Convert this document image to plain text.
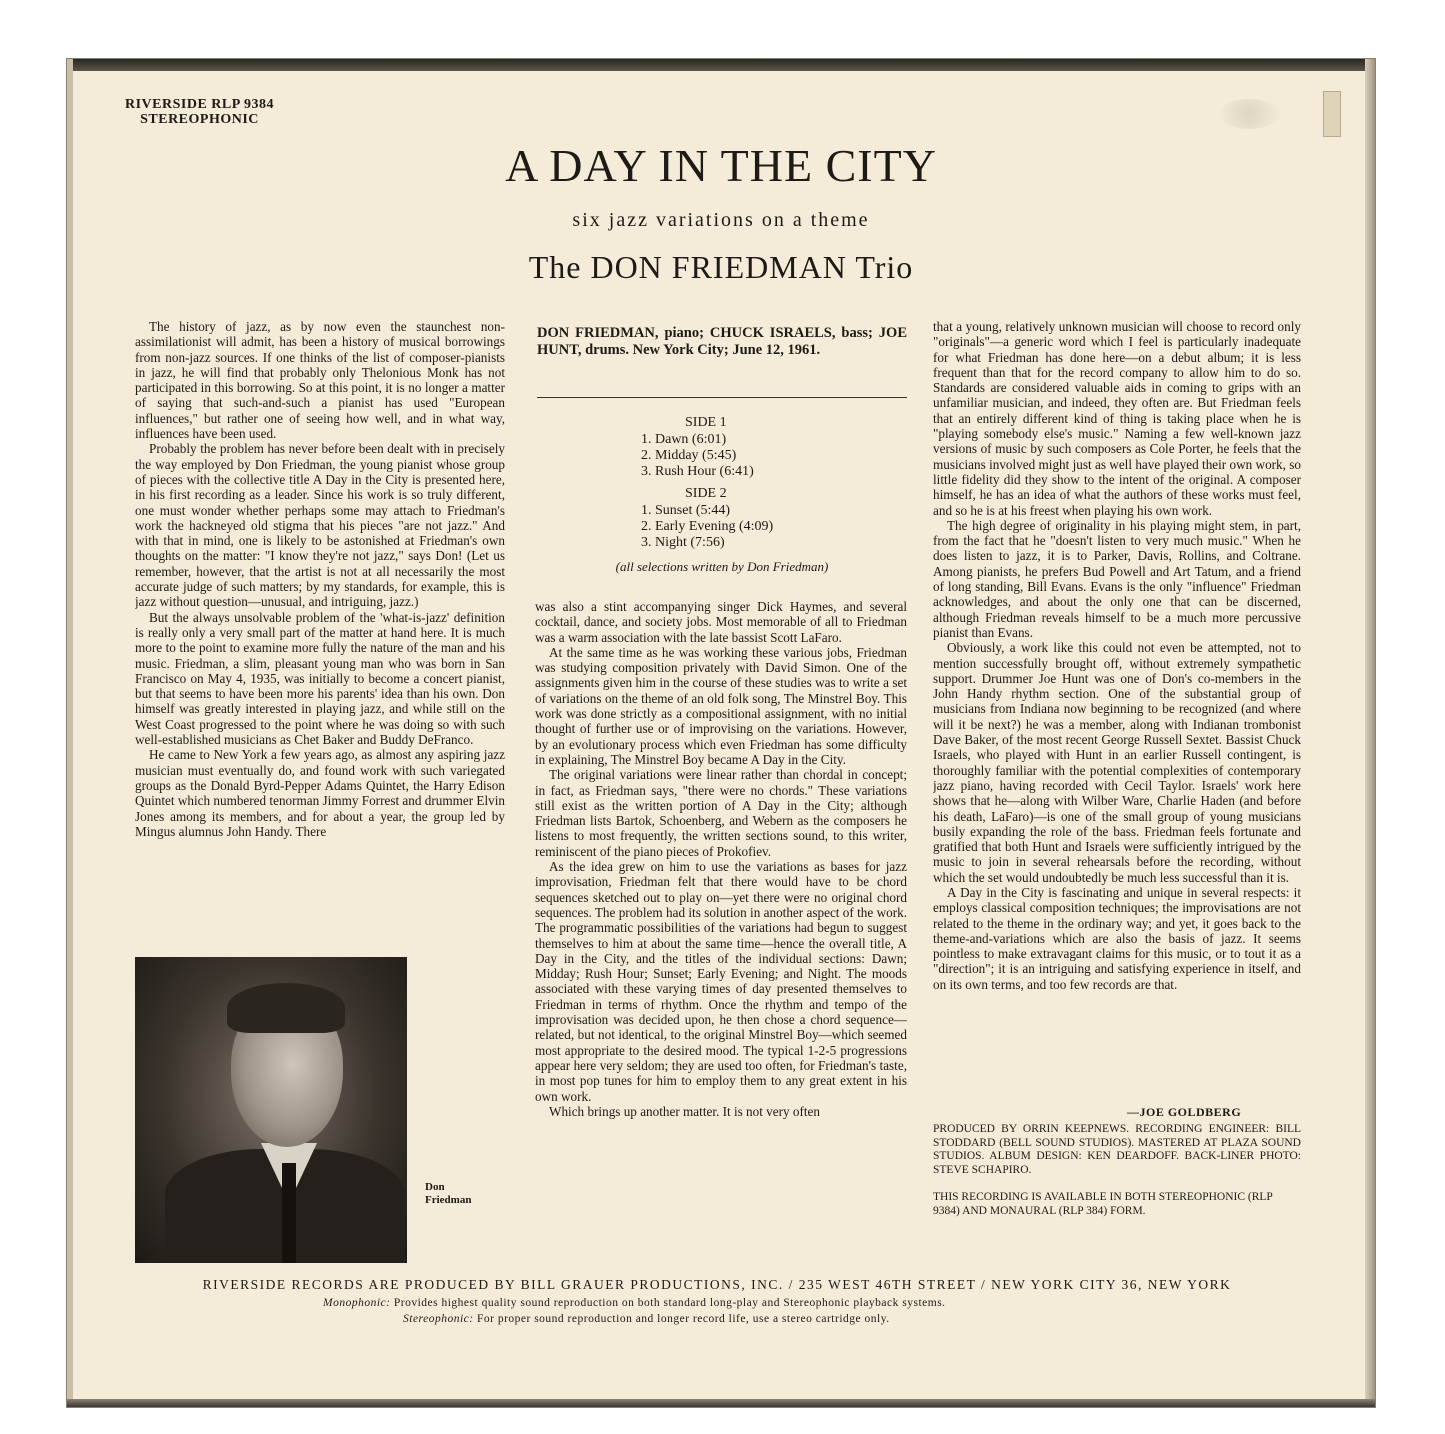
RIVERSIDE RLP 9384
STEREOPHONIC
A DAY IN THE CITY
six jazz variations on a theme
The DON FRIEDMAN Trio

The history of jazz, as by now even the staunchest non-assimilationist will admit, has been a history of musical borrowings from non-jazz sources. If one thinks of the list of composer-pianists in jazz, he will find that probably only Thelonious Monk has not participated in this borrowing. So at this point, it is no longer a matter of saying that such-and-such a pianist has used "European influences," but rather one of seeing how well, and in what way, influences have been used.

Probably the problem has never before been dealt with in precisely the way employed by Don Friedman, the young pianist whose group of pieces with the collective title A Day in the City is presented here, in his first recording as a leader. Since his work is so truly different, one must wonder whether perhaps some may attach to Friedman's work the hackneyed old stigma that his pieces "are not jazz." And with that in mind, one is likely to be astonished at Friedman's own thoughts on the matter: "I know they're not jazz," says Don! (Let us remember, however, that the artist is not at all necessarily the most accurate judge of such matters; by my standards, for example, this is jazz without question—unusual, and intriguing, jazz.)

But the always unsolvable problem of the 'what-is-jazz' definition is really only a very small part of the matter at hand here. It is much more to the point to examine more fully the nature of the man and his music. Friedman, a slim, pleasant young man who was born in San Francisco on May 4, 1935, was initially to become a concert pianist, but that seems to have been more his parents' idea than his own. Don himself was greatly interested in playing jazz, and while still on the West Coast progressed to the point where he was doing so with such well-established musicians as Chet Baker and Buddy DeFranco.

He came to New York a few years ago, as almost any aspiring jazz musician must eventually do, and found work with such variegated groups as the Donald Byrd-Pepper Adams Quintet, the Harry Edison Quintet which numbered tenorman Jimmy Forrest and drummer Elvin Jones among its members, and for about a year, the group led by Mingus alumnus John Handy. There

DON FRIEDMAN, piano; CHUCK ISRAELS, bass; JOE HUNT, drums. New York City; June 12, 1961.
SIDE 1
1. Dawn (6:01)
2. Midday (5:45)
3. Rush Hour (6:41)
SIDE 2
1. Sunset (5:44)
2. Early Evening (4:09)
3. Night (7:56)
(all selections written by Don Friedman)

was also a stint accompanying singer Dick Haymes, and several cocktail, dance, and society jobs. Most memorable of all to Friedman was a warm association with the late bassist Scott LaFaro.

At the same time as he was working these various jobs, Friedman was studying composition privately with David Simon. One of the assignments given him in the course of these studies was to write a set of variations on the theme of an old folk song, The Minstrel Boy. This work was done strictly as a compositional assignment, with no initial thought of further use or of improvising on the variations. However, by an evolutionary process which even Friedman has some difficulty in explaining, The Minstrel Boy became A Day in the City.

The original variations were linear rather than chordal in concept; in fact, as Friedman says, "there were no chords." These variations still exist as the written portion of A Day in the City; although Friedman lists Bartok, Schoenberg, and Webern as the composers he listens to most frequently, the written sections sound, to this writer, reminiscent of the piano pieces of Prokofiev.

As the idea grew on him to use the variations as bases for jazz improvisation, Friedman felt that there would have to be chord sequences sketched out to play on—yet there were no original chord sequences. The problem had its solution in another aspect of the work. The programmatic possibilities of the variations had begun to suggest themselves to him at about the same time—hence the overall title, A Day in the City, and the titles of the individual sections: Dawn; Midday; Rush Hour; Sunset; Early Evening; and Night. The moods associated with these varying times of day presented themselves to Friedman in terms of rhythm. Once the rhythm and tempo of the improvisation was decided upon, he then chose a chord sequence—related, but not identical, to the original Minstrel Boy—which seemed most appropriate to the desired mood. The typical 1-2-5 progressions appear here very seldom; they are used too often, for Friedman's taste, in most pop tunes for him to employ them to any great extent in his own work.

Which brings up another matter. It is not very often

that a young, relatively unknown musician will choose to record only "originals"—a generic word which I feel is particularly inadequate for what Friedman has done here—on a debut album; it is less frequent than that for the record company to allow him to do so. Standards are considered valuable aids in coming to grips with an unfamiliar musician, and indeed, they often are. But Friedman feels that an entirely different kind of thing is taking place when he is "playing somebody else's music." Naming a few well-known jazz versions of music by such composers as Cole Porter, he feels that the musicians involved might just as well have played their own work, so little fidelity did they show to the intent of the original. A composer himself, he has an idea of what the authors of these works must feel, and so he is at his freest when playing his own work.

The high degree of originality in his playing might stem, in part, from the fact that he "doesn't listen to very much music." When he does listen to jazz, it is to Parker, Davis, Rollins, and Coltrane. Among pianists, he prefers Bud Powell and Art Tatum, and a friend of long standing, Bill Evans. Evans is the only "influence" Friedman acknowledges, and about the only one that can be discerned, although Friedman reveals himself to be a much more percussive pianist than Evans.

Obviously, a work like this could not even be attempted, not to mention successfully brought off, without extremely sympathetic support. Drummer Joe Hunt was one of Don's co-members in the John Handy rhythm section. One of the substantial group of musicians from Indiana now beginning to be recognized (and where will it be next?) he was a member, along with Indianan trombonist Dave Baker, of the most recent George Russell Sextet. Bassist Chuck Israels, who played with Hunt in an earlier Russell contingent, is thoroughly familiar with the potential complexities of contemporary jazz piano, having recorded with Cecil Taylor. Israels' work here shows that he—along with Wilber Ware, Charlie Haden (and before his death, LaFaro)—is one of the small group of young musicians busily expanding the role of the bass. Friedman feels fortunate and gratified that both Hunt and Israels were sufficiently intrigued by the music to join in several rehearsals before the recording, without which the set would undoubtedly be much less successful than it is.

A Day in the City is fascinating and unique in several respects: it employs classical composition techniques; the improvisations are not related to the theme in the ordinary way; and yet, it goes back to the theme-and-variations which are also the basis of jazz. It seems pointless to make extravagant claims for this music, or to tout it as a "direction"; it is an intriguing and satisfying experience in itself, and on its own terms, and too few records are that.

—JOE GOLDBERG
PRODUCED BY ORRIN KEEPNEWS. RECORDING ENGINEER: BILL STODDARD (BELL SOUND STUDIOS). MASTERED AT PLAZA SOUND STUDIOS. ALBUM DESIGN: KEN DEARDOFF. BACK-LINER PHOTO: STEVE SCHAPIRO.
THIS RECORDING IS AVAILABLE IN BOTH STEREOPHONIC (RLP 9384) AND MONAURAL (RLP 384) FORM.
Don
Friedman
RIVERSIDE RECORDS ARE PRODUCED BY BILL GRAUER PRODUCTIONS, INC. / 235 WEST 46TH STREET / NEW YORK CITY 36, NEW YORK
Monophonic: Provides highest quality sound reproduction on both standard long-play and Stereophonic playback systems.
Stereophonic: For proper sound reproduction and longer record life, use a stereo cartridge only.
